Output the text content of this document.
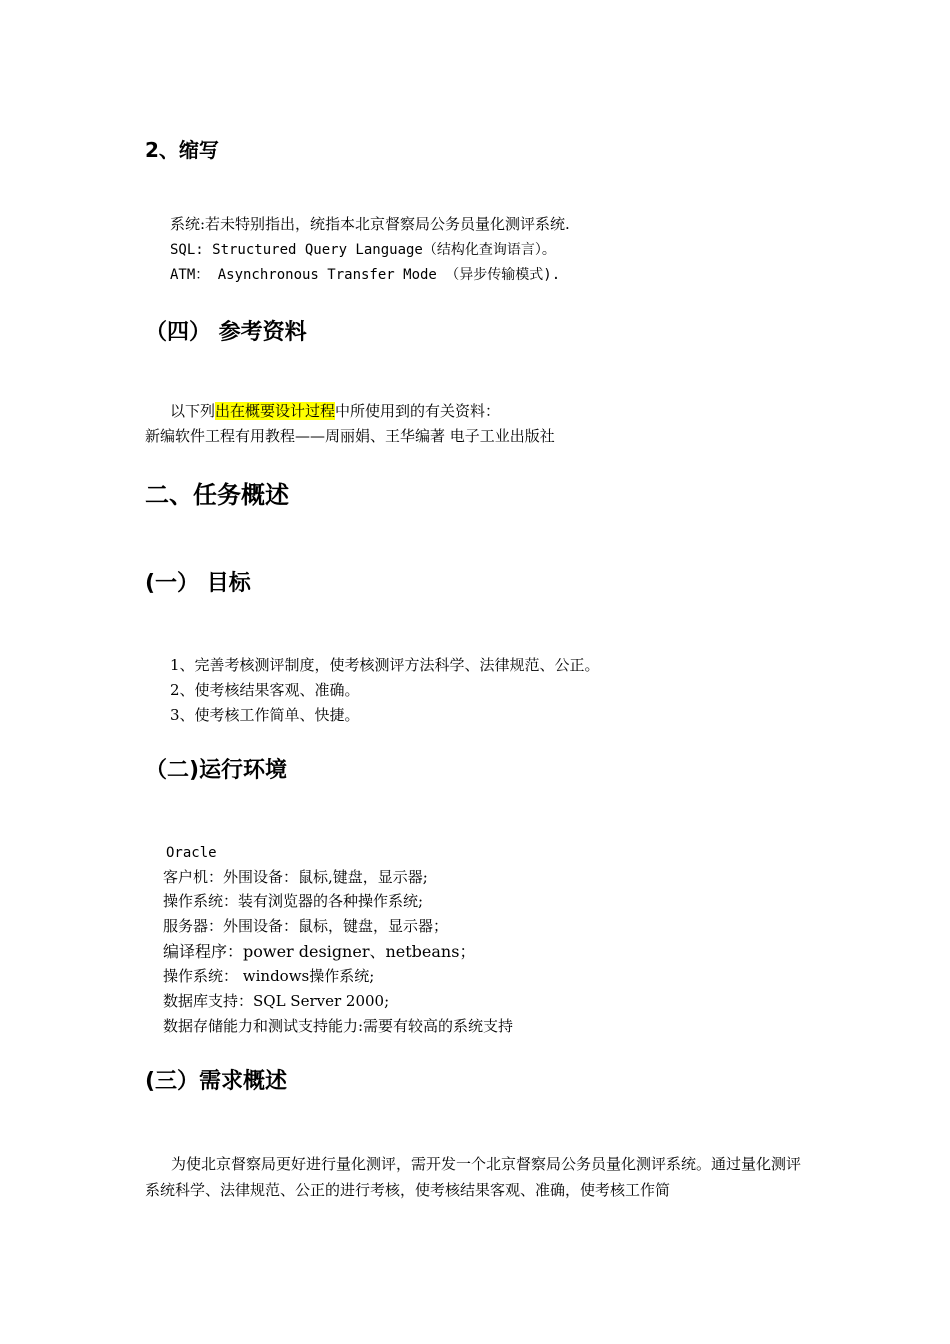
2、缩写
系统:若未特别指出，统指本北京督察局公务员量化测评系统.
SQL: Structured Query Language（结构化查询语言）。
ATM： Asynchronous Transfer Mode （异步传输模式).
（四） 参考资料
以下列出在概要设计过程中所使用到的有关资料：
新编软件工程有用教程——周丽娟、王华编著 电子工业出版社
二、任务概述
(一） 目标
1、完善考核测评制度，使考核测评方法科学、法律规范、公正。
2、使考核结果客观、准确。
3、使考核工作简单、快捷。
（二)运行环境
Oracle
客户机：外围设备：鼠标,键盘，显示器;
操作系统：装有浏览器的各种操作系统;
服务器：外围设备：鼠标，键盘，显示器；
编译程序：power designer、netbeans；
操作系统： windows操作系统;
数据库支持：SQL Server 2000;
数据存储能力和测试支持能力:需要有较高的系统支持
(三）需求概述
为使北京督察局更好进行量化测评，需开发一个北京督察局公务员量化测评系统。通过量化测评系统科学、法律规范、公正的进行考核，使考核结果客观、准确，使考核工作简
